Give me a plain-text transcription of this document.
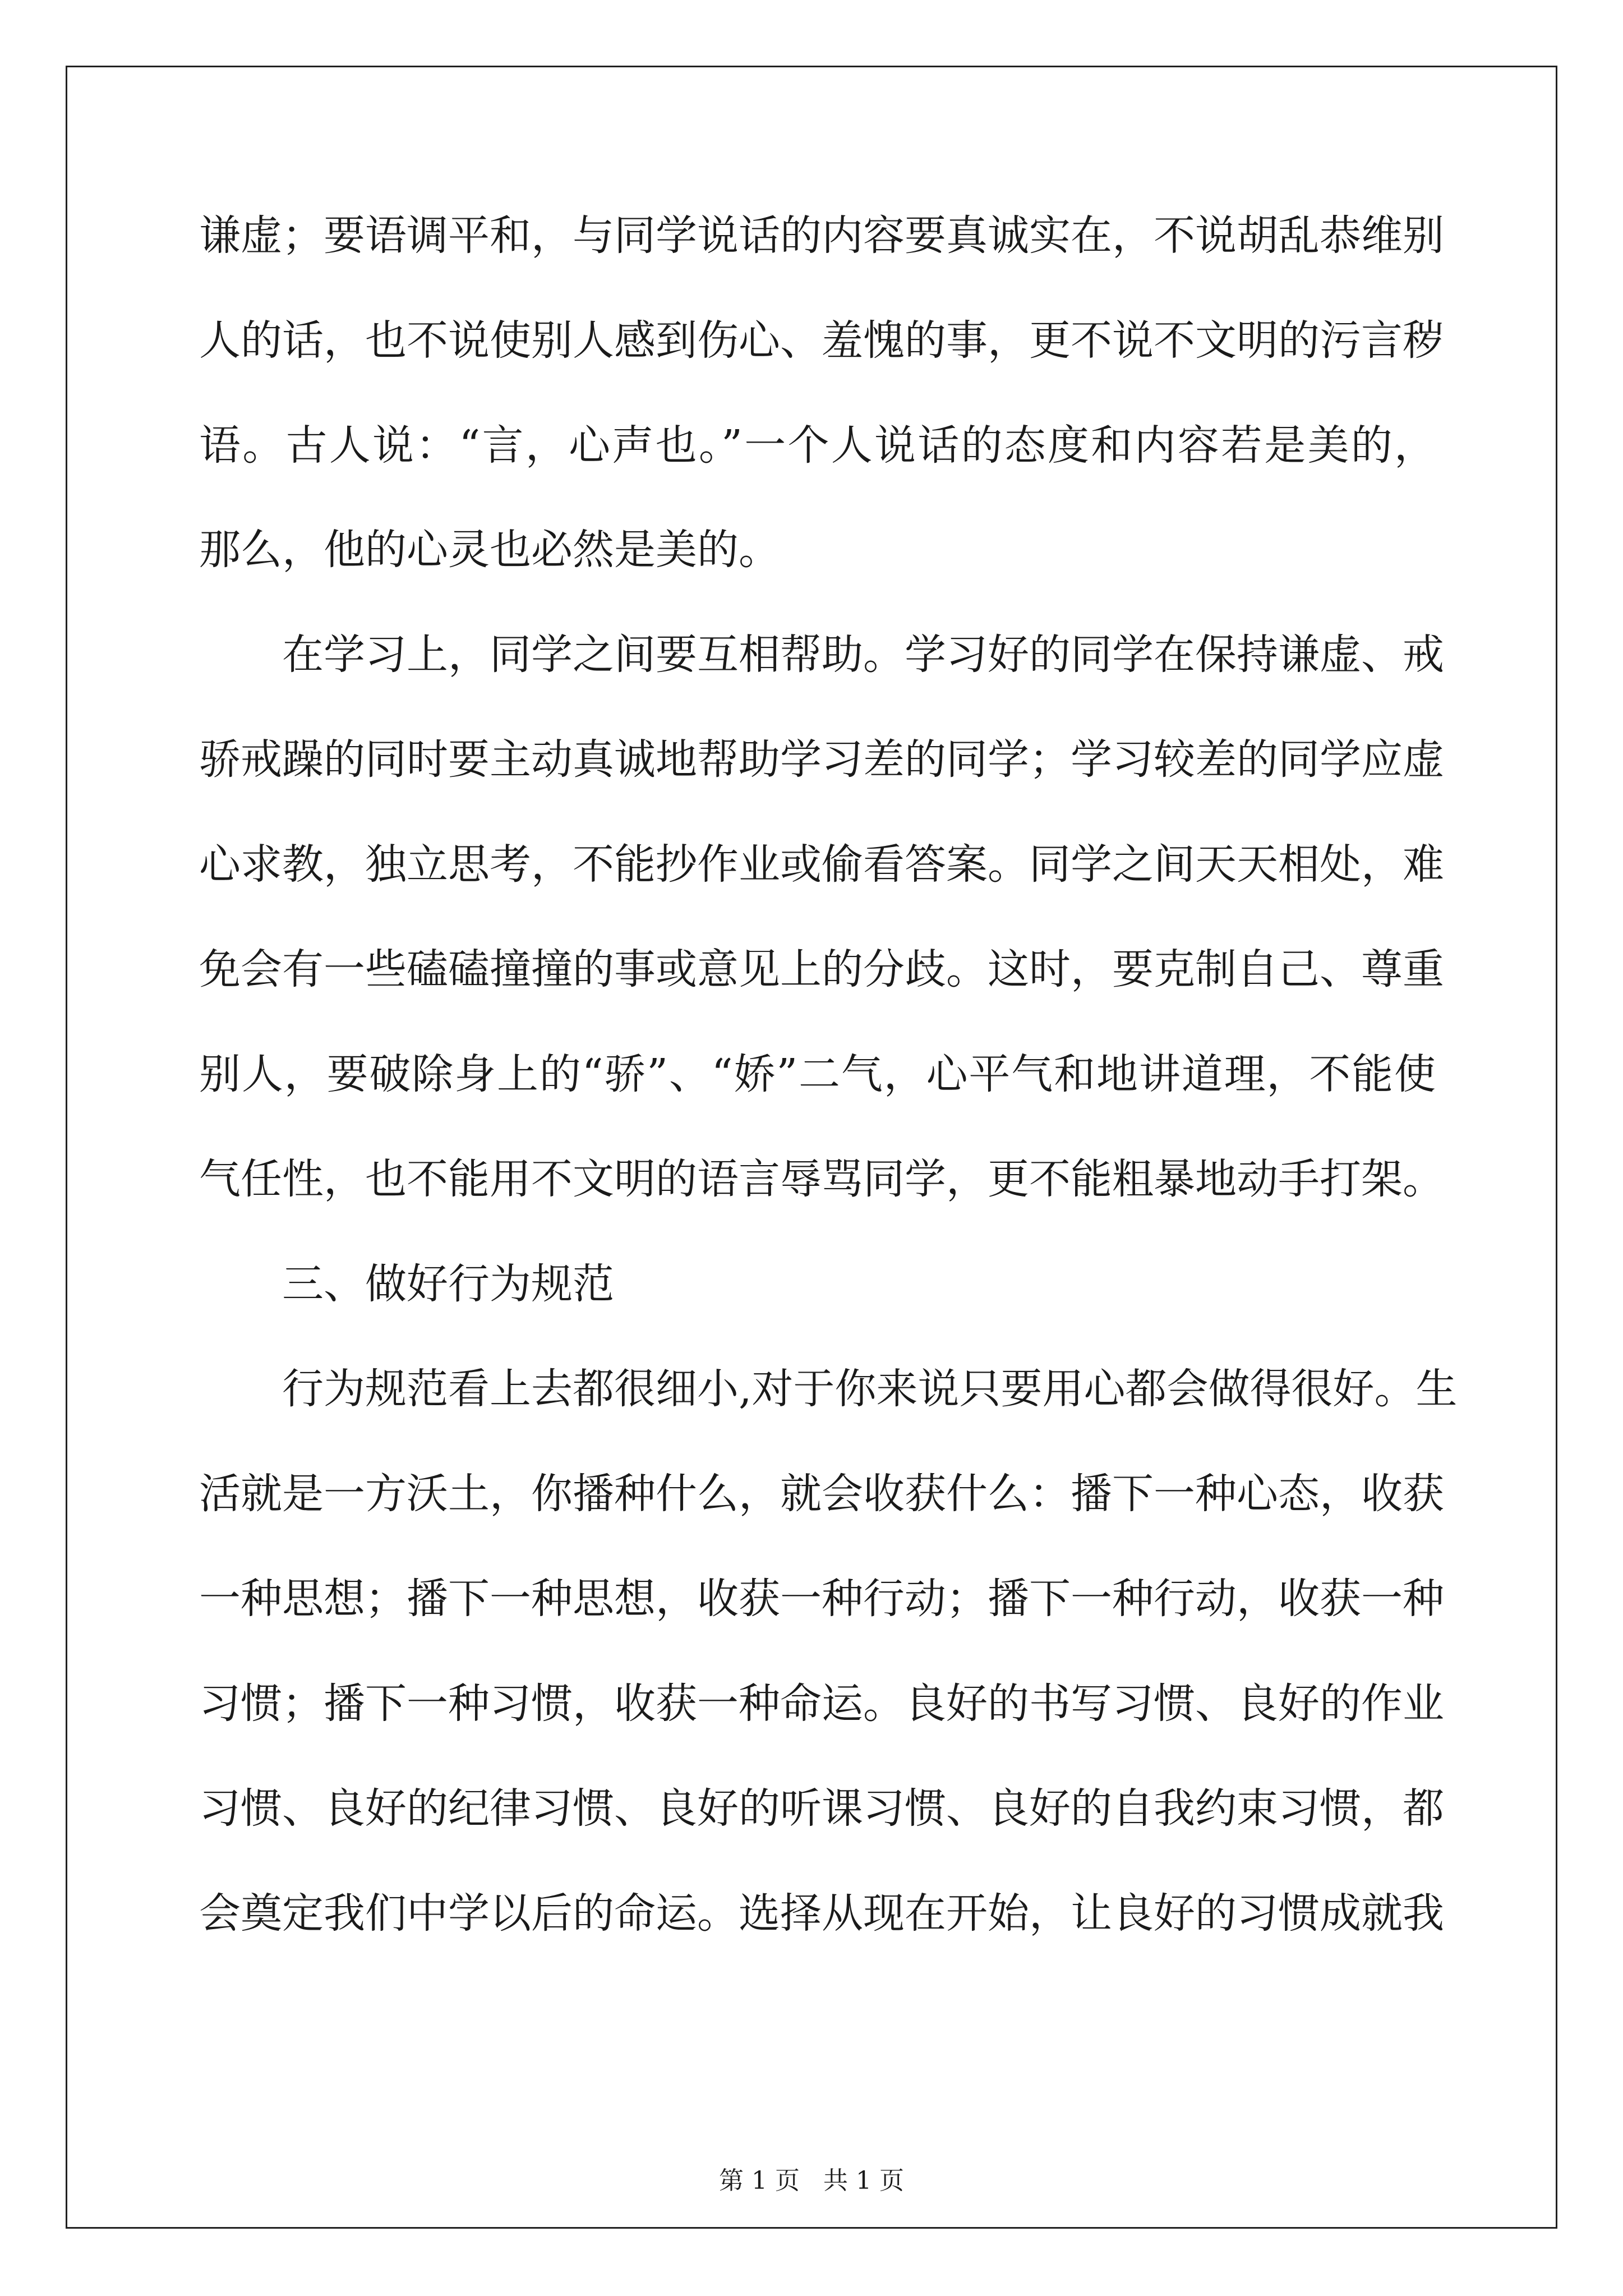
谦虚；要语调平和，与同学说话的内容要真诚实在，不说胡乱恭维别
人的话，也不说使别人感到伤心、羞愧的事，更不说不文明的污言秽
语。古人说：“言，心声也。”一个人说话的态度和内容若是美的，
那么，他的心灵也必然是美的。
在学习上，同学之间要互相帮助。学习好的同学在保持谦虚、戒
骄戒躁的同时要主动真诚地帮助学习差的同学；学习较差的同学应虚
心求教，独立思考，不能抄作业或偷看答案。同学之间天天相处，难
免会有一些磕磕撞撞的事或意见上的分歧。这时，要克制自己、尊重
别人，要破除身上的“骄”、“娇”二气，心平气和地讲道理，不能使
气任性，也不能用不文明的语言辱骂同学，更不能粗暴地动手打架。
三、做好行为规范
行为规范看上去都很细小,对于你来说只要用心都会做得很好。生
活就是一方沃土，你播种什么，就会收获什么：播下一种心态，收获
一种思想；播下一种思想，收获一种行动；播下一种行动，收获一种
习惯；播下一种习惯，收获一种命运。良好的书写习惯、良好的作业
习惯、良好的纪律习惯、良好的听课习惯、良好的自我约束习惯，都
会奠定我们中学以后的命运。选择从现在开始，让良好的习惯成就我
第 1 页   共 1 页
